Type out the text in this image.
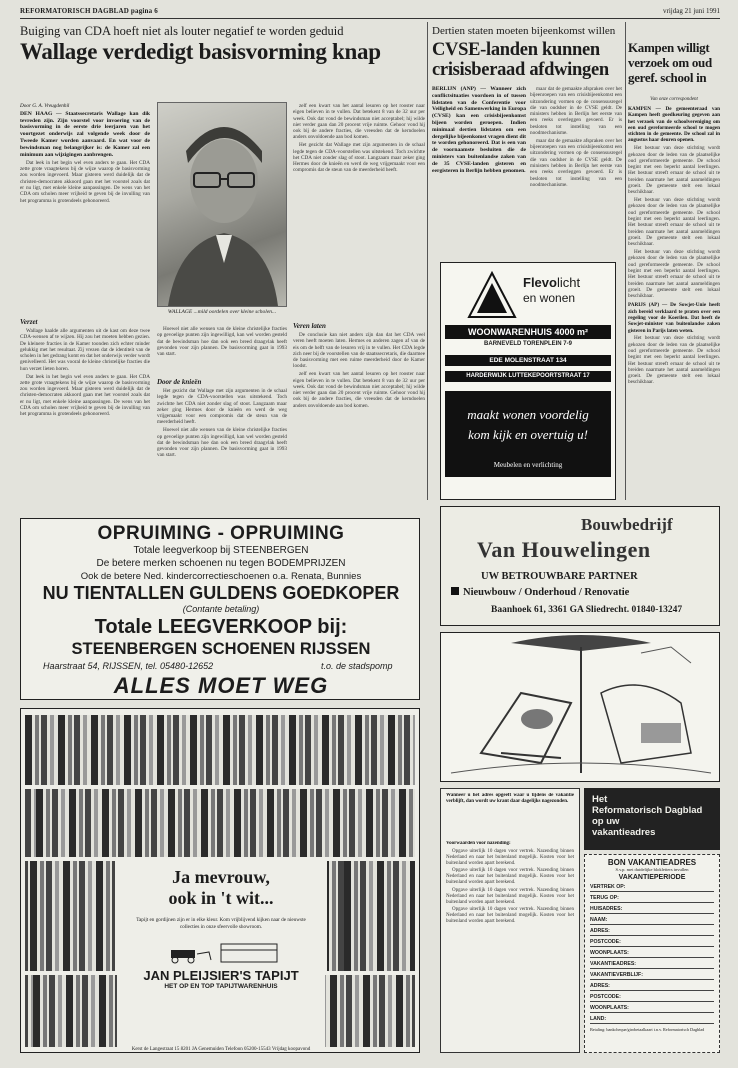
REFORMATORISCH DAGBLAD pagina 6	vrijdag 21 juni 1991
Buiging van CDA hoeft niet als louter negatief te worden geduid
Wallage verdedigt basisvorming knap

Door G. A. Vreugdenhil

DEN HAAG — Staatssecretaris Wallage kan dik tevreden zijn. Zijn voorstel voor invoering van de basisvorming in de eerste drie leerjaren van het voortgezet onderwijs zal volgende week door de Tweede Kamer worden aanvaard. En wat voor de bewindsman nog belangrijker is: de Kamer zal een minimum aan wijzigingen aanbrengen.

Dat leek in het begin wel even anders te gaan. Het CDA zette grote vraagtekens bij de wijze waarop de basisvorming zou worden ingevoerd. Maar gisteren werd duidelijk dat de christen-democraten akkoord gaan met het voorstel zoals dat er nu ligt, met enkele kleine aanpassingen. De wens van het CDA om scholen meer vrijheid te geven bij de invulling van het programma is grotendeels gehonoreerd.

Verzet

Wallage haalde alle argumenten uit de kast om deze twee CDA-wensen af te wijzen. Hij zou het moeten hebben gezien. De kleinere fracties in de Kamer toonden zich echter minder gelukkig met het resultaat. Zij vrezen dat de identiteit van de scholen in het gedrang komt en dat het onderwijs verder wordt genivelleerd. Het was vooral de kleine christelijke fracties die hun verzet lieten horen.

Dat leek in het begin wel even anders te gaan. Het CDA zette grote vraagtekens bij de wijze waarop de basisvorming zou worden ingevoerd. Maar gisteren werd duidelijk dat de christen-democraten akkoord gaan met het voorstel zoals dat er nu ligt, met enkele kleine aanpassingen. De wens van het CDA om scholen meer vrijheid te geven bij de invulling van het programma is grotendeels gehonoreerd.

WALLAGE ...mild oordelen over kleine scholen...

Hoewel niet alle wensen van de kleine christelijke fracties op gevoelige punten zijn ingewilligd, kan wel worden gesteld dat de bewindsman hoe dan ook een breed draagvlak heeft gevonden voor zijn plannen. De basisvorming gaat in 1993 van start.

Door de knieën

Het gezicht dat Wallage met zijn argumenten in de schaal legde tegen de CDA-voorstellen was uitstekend. Toch zwichtte het CDA niet zonder slag of stoot. Langzaam maar zeker ging Hermes door de knieën en werd de weg vrijgemaakt voor een compromis dat de steun van de meerderheid heeft.

Hoewel niet alle wensen van de kleine christelijke fracties op gevoelige punten zijn ingewilligd, kan wel worden gesteld dat de bewindsman hoe dan ook een breed draagvlak heeft gevonden voor zijn plannen. De basisvorming gaat in 1993 van start.

zelf een kwart van het aantal lesuren op het rooster naar eigen believen in te vullen. Dat betekent 8 van de 32 uur per week. Ook dat vond de bewindsman niet acceptabel; hij wilde niet verder gaan dan 20 procent vrije ruimte. Gehoor vond hij ook bij de andere fracties, die vreesden dat de kerndoelen anders onvoldoende aan bod komen.

Het gezicht dat Wallage met zijn argumenten in de schaal legde tegen de CDA-voorstellen was uitstekend. Toch zwichtte het CDA niet zonder slag of stoot. Langzaam maar zeker ging Hermes door de knieën en werd de weg vrijgemaakt voor een compromis dat de steun van de meerderheid heeft.

Veren laten

De conclusie kan niet anders zijn dan dat het CDA veel veren heeft moeten laten. Hermes en anderen zagen af van de eis om de helft van de lesuren vrij in te vullen. Het CDA legde zich neer bij de voorstellen van de staatssecretaris, die daarmee de basisvorming met een ruime meerderheid door de Kamer loodst.

zelf een kwart van het aantal lesuren op het rooster naar eigen believen in te vullen. Dat betekent 8 van de 32 uur per week. Ook dat vond de bewindsman niet acceptabel; hij wilde niet verder gaan dan 20 procent vrije ruimte. Gehoor vond hij ook bij de andere fracties, die vreesden dat de kerndoelen anders onvoldoende aan bod komen.

Dertien staten moeten bijeenkomst willen
CVSE-landen kunnen crisisberaad afdwingen

BERLIJN (ANP) — Wanneer zich conflictsituaties voordoen in of tussen lidstaten van de Conferentie voor Veiligheid en Samenwerking in Europa (CVSE) kan een crisisbijeenkomst bijeen worden geroepen. Indien minimaal dertien lidstaten om een dergelijke bijeenkomst vragen dient dit te worden gehonoreerd. Dat is een van de voornaamste besluiten die de ministers van buitenlandse zaken van de 35 CVSE-landen gisteren en eergisteren in Berlijn hebben genomen.

maar dat de gemaakte afspraken over het bijeenroepen van een crisisbijeenkomst een uitzondering vormen op de consensusregel die van oudsher in de CVSE geldt. De ministers hebben in Berlijn het eerste van een reeks overleggen gevoerd. Er is besloten tot instelling van een noodmechanisme.

maar dat de gemaakte afspraken over het bijeenroepen van een crisisbijeenkomst een uitzondering vormen op de consensusregel die van oudsher in de CVSE geldt. De ministers hebben in Berlijn het eerste van een reeks overleggen gevoerd. Er is besloten tot instelling van een noodmechanisme.

Kampen willigt verzoek om oud geref. school in
Van onze correspondent

KAMPEN — De gemeenteraad van Kampen heeft goedkeuring gegeven aan het verzoek van de schoolvereniging om een oud gereformeerde school te mogen stichten in de gemeente. De school zal in augustus haar deuren openen.

Het bestuur van deze stichting wordt gekozen door de leden van de plaatselijke oud gereformeerde gemeente. De school begint met een beperkt aantal leerlingen. Het bestuur streeft ernaar de school uit te breiden naarmate het aantal aanmeldingen groeit. De gemeente stelt een lokaal beschikbaar.

Het bestuur van deze stichting wordt gekozen door de leden van de plaatselijke oud gereformeerde gemeente. De school begint met een beperkt aantal leerlingen. Het bestuur streeft ernaar de school uit te breiden naarmate het aantal aanmeldingen groeit. De gemeente stelt een lokaal beschikbaar.

Het bestuur van deze stichting wordt gekozen door de leden van de plaatselijke oud gereformeerde gemeente. De school begint met een beperkt aantal leerlingen. Het bestuur streeft ernaar de school uit te breiden naarmate het aantal aanmeldingen groeit. De gemeente stelt een lokaal beschikbaar.

PARIJS (AP) — De Sowjet-Unie heeft zich bereid verklaard te praten over een regeling voor de Koerilen. Dat heeft de Sowjet-minister van buitenlandse zaken gisteren in Parijs laten weten.

Het bestuur van deze stichting wordt gekozen door de leden van de plaatselijke oud gereformeerde gemeente. De school begint met een beperkt aantal leerlingen. Het bestuur streeft ernaar de school uit te breiden naarmate het aantal aanmeldingen groeit. De gemeente stelt een lokaal beschikbaar.

Flevolicht
en wonen
WOONWARENHUIS 4000 m²
BARNEVELD TORENPLEIN 7-9
EDE MOLENSTRAAT 134
HARDERWIJK LUTTEKEPOORTSTRAAT 17
maakt wonen voordelig
kom kijk en overtuig u!
Meubelen en verlichting
Bouwbedrijf
Van Houwelingen
UW BETROUWBARE PARTNER
Nieuwbouw / Onderhoud / Renovatie
Baanhoek 61, 3361 GA Sliedrecht. 01840-13247
OPRUIMING - OPRUIMING
Totale leegverkoop bij STEENBERGEN
De betere merken schoenen nu tegen BODEMPRIJZEN
Ook de betere Ned. kindercorrectieschoenen o.a. Renata, Bunnies
NU TIENTALLEN GULDENS GOEDKOPER
(Contante betaling)
Totale LEEGVERKOOP bij:
STEENBERGEN SCHOENEN RIJSSEN
Haarstraat 54, RIJSSEN, tel. 05480-12652	t.o. de stadspomp
ALLES MOET WEG
Ja mevrouw,
ook in 't wit...
Tapijt en gordijnen zijn er in elke kleur. Kom vrijblijvend kijken naar de nieuwste collecties in onze sfeervolle showroom.
JAN PLEIJSIER'S TAPIJT
HET OP EN TOP TAPIJTWARENHUIS
Kerst de Langestraat 15 8201 JA Genemuiden Telefoon 05200-15543 Vrijdag koopavond

Wanneer u het adres opgeeft waar u tijdens de vakantie verblijft, dan wordt uw krant daar dagelijks nagezonden.

Voorwaarden voor nazending:

Opgave uiterlijk 10 dagen voor vertrek. Nazending binnen Nederland en naar het buitenland mogelijk. Kosten voor het buitenland worden apart berekend.

Opgave uiterlijk 10 dagen voor vertrek. Nazending binnen Nederland en naar het buitenland mogelijk. Kosten voor het buitenland worden apart berekend.

Opgave uiterlijk 10 dagen voor vertrek. Nazending binnen Nederland en naar het buitenland mogelijk. Kosten voor het buitenland worden apart berekend.

Opgave uiterlijk 10 dagen voor vertrek. Nazending binnen Nederland en naar het buitenland mogelijk. Kosten voor het buitenland worden apart berekend.

Het
Reformatorisch Dagblad
op uw
vakantieadres
BON VAKANTIEADRES
S.v.p. met duidelijke blokletters invullen
VAKANTIEPERIODE
VERTREK OP:
TERUG OP:
HUISADRES:
NAAM:
ADRES:
POSTCODE:
WOONPLAATS:
VAKANTIEADRES:
VAKANTIEVERBLIJF:
ADRES:
POSTCODE:
WOONPLAATS:
LAND:
Betaling: bankcheque/girobetaalkaart t.n.v. Reformatorisch Dagblad
